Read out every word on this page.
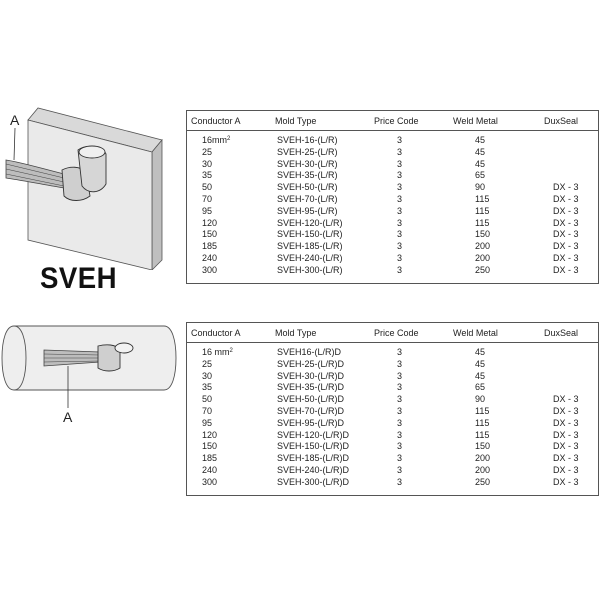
A
SVEH
A
Conductor A	Mold Type	Price Code	Weld Metal	DuxSeal
$16mm^2$	SVEH-16-(L/R)	3	45
25	SVEH-25-(L/R)	3	45
30	SVEH-30-(L/R)	3	45
35	SVEH-35-(L/R)	3	65
50	SVEH-50-(L/R)	3	90	DX - 3
70	SVEH-70-(L/R)	3	115	DX - 3
95	SVEH-95-(L/R)	3	115	DX - 3
120	SVEH-120-(L/R)	3	115	DX - 3
150	SVEH-150-(L/R)	3	150	DX - 3
185	SVEH-185-(L/R)	3	200	DX - 3
240	SVEH-240-(L/R)	3	200	DX - 3
300	SVEH-300-(L/R)	3	250	DX - 3
Conductor A	Mold Type	Price Code	Weld Metal	DuxSeal
16 $mm^2$	SVEH16-(L/R)D	3	45
25	SVEH-25-(L/R)D	3	45
30	SVEH-30-(L/R)D	3	45
35	SVEH-35-(L/R)D	3	65
50	SVEH-50-(L/R)D	3	90	DX - 3
70	SVEH-70-(L/R)D	3	115	DX - 3
95	SVEH-95-(L/R)D	3	115	DX - 3
120	SVEH-120-(L/R)D	3	115	DX - 3
150	SVEH-150-(L/R)D	3	150	DX - 3
185	SVEH-185-(L/R)D	3	200	DX - 3
240	SVEH-240-(L/R)D	3	200	DX - 3
300	SVEH-300-(L/R)D	3	250	DX - 3
